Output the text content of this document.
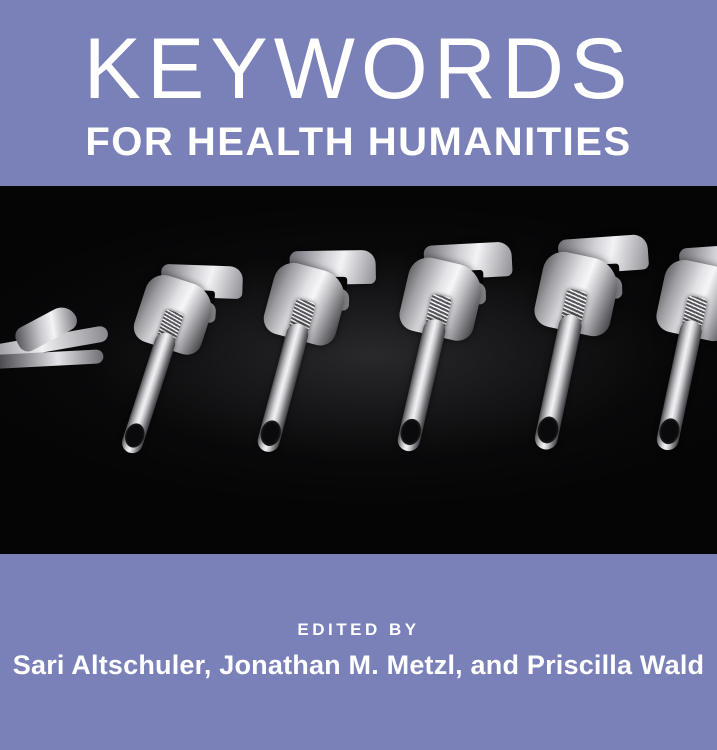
KEYWORDS
FOR HEALTH HUMANITIES
EDITED BY
Sari Altschuler, Jonathan M. Metzl, and Priscilla Wald
